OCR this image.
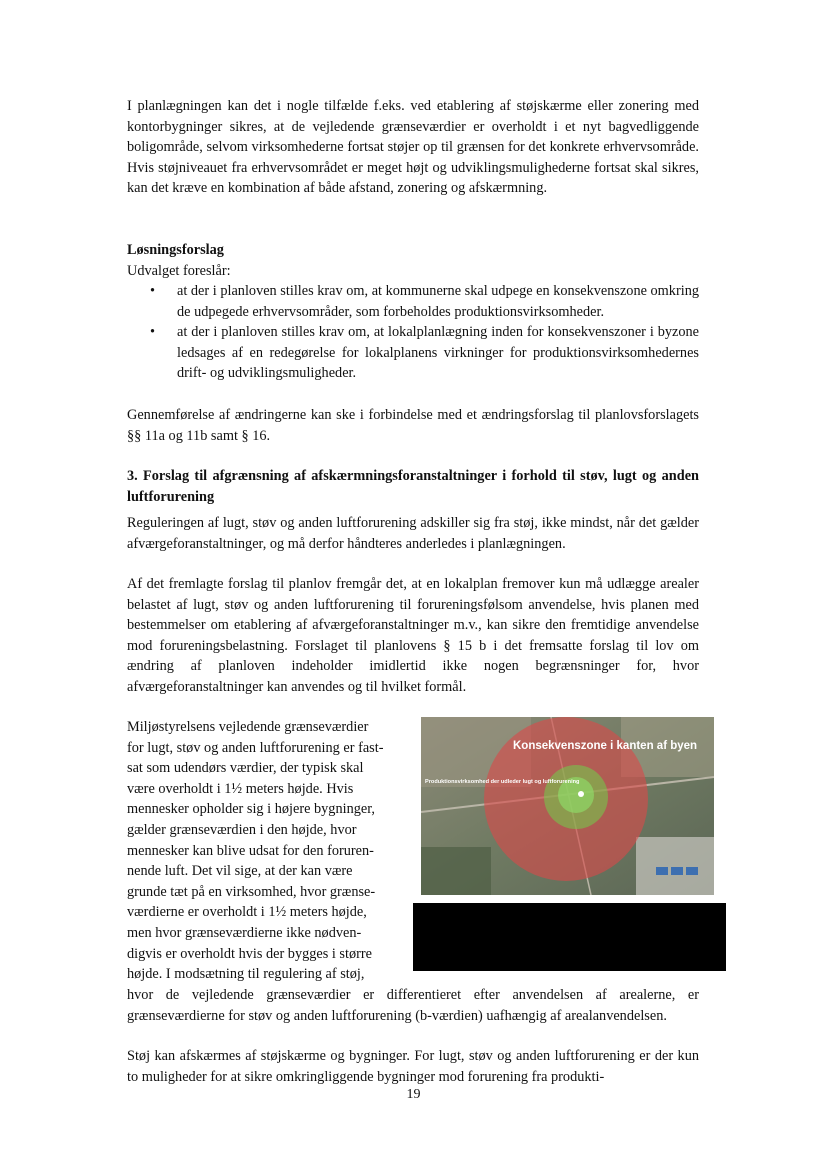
I planlægningen kan det i nogle tilfælde f.eks. ved etablering af støjskærme eller zonering med kontorbygninger sikres, at de vejledende grænseværdier er overholdt i et nyt bagvedliggende boligområde, selvom virksomhederne fortsat støjer op til grænsen for det konkrete erhvervsområde. Hvis støjniveauet fra erhvervsområdet er meget højt og udviklingsmulighederne fortsat skal sikres, kan det kræve en kombination af både afstand, zonering og afskærmning.

Løsningsforslag

Udvalget foreslår:

• at der i planloven stilles krav om, at kommunerne skal udpege en konsekvenszone omkring de udpegede erhvervsområder, som forbeholdes produktionsvirksomheder.

• at der i planloven stilles krav om, at lokalplanlægning inden for konsekvenszoner i byzone ledsages af en redegørelse for lokalplanens virkninger for produktionsvirksomhedernes drift- og udviklingsmuligheder.

Gennemførelse af ændringerne kan ske i forbindelse med et ændringsforslag til planlovsforslagets §§ 11a og 11b samt § 16.

3. Forslag til afgrænsning af afskærmningsforanstaltninger i forhold til støv, lugt og anden luftforurening

Reguleringen af lugt, støv og anden luftforurening adskiller sig fra støj, ikke mindst, når det gælder afværgeforanstaltninger, og må derfor håndteres anderledes i planlægningen.

Af det fremlagte forslag til planlov fremgår det, at en lokalplan fremover kun må udlægge arealer belastet af lugt, støv og anden luftforurening til forureningsfølsom anvendelse, hvis planen med bestemmelser om etablering af afværgeforanstaltninger m.v., kan sikre den fremtidige anvendelse mod forureningsbelastning. Forslaget til planlovens § 15 b i det fremsatte forslag til lov om ændring af planloven indeholder imidlertid ikke nogen begrænsninger for, hvor afværgeforanstaltninger kan anvendes og til hvilket formål.

Miljøstyrelsens vejledende grænseværdier

for lugt, støv og anden luftforurening er fast-

sat som udendørs værdier, der typisk skal

være overholdt i 1½ meters højde. Hvis

mennesker opholder sig i højere bygninger,

gælder grænseværdien i den højde, hvor

mennesker kan blive udsat for den foruren-

nende luft. Det vil sige, at der kan være

grunde tæt på en virksomhed, hvor grænse-

værdierne er overholdt i 1½ meters højde,

men hvor grænseværdierne ikke nødven-

digvis er overholdt hvis der bygges i større

højde. I modsætning til regulering af støj,

hvor de vejledende grænseværdier er differentieret efter anvendelsen af arealerne, er grænseværdierne for støv og anden luftforurening (b-værdien) uafhængig af arealanvendelsen.

Støj kan afskærmes af støjskærme og bygninger. For lugt, støv og anden luftforurening er der kun to muligheder for at sikre omkringliggende bygninger mod forurening fra produkti-

Konsekvenszone i kanten af byen
Produktionsvirksomhed der udleder lugt og luftforurening
19
